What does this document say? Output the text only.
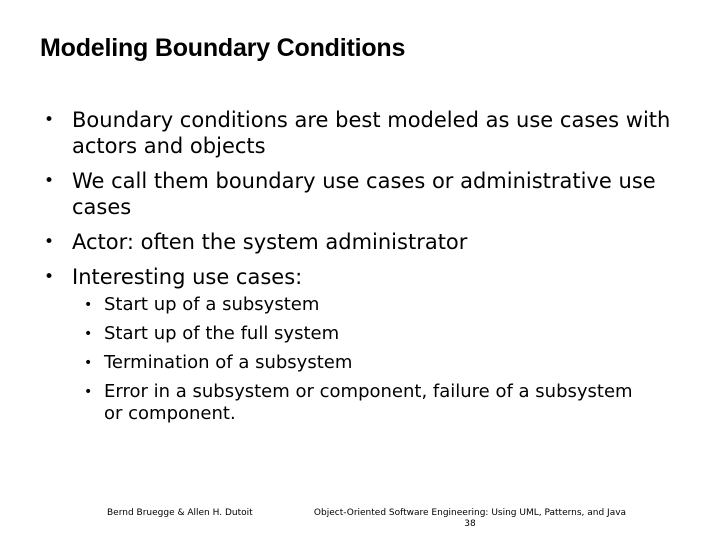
Modeling Boundary Conditions
• Boundary conditions are best modeled as use cases with actors and objects
• We call them boundary use cases or administrative use cases
• Actor: often the system administrator
• Interesting use cases:
• Start up of a subsystem
• Start up of the full system
• Termination of a subsystem
• Error in a subsystem or component, failure of a subsystem or component.
Bernd Bruegge & Allen H. Dutoit	Object-Oriented Software Engineering: Using UML, Patterns, and Java
38
